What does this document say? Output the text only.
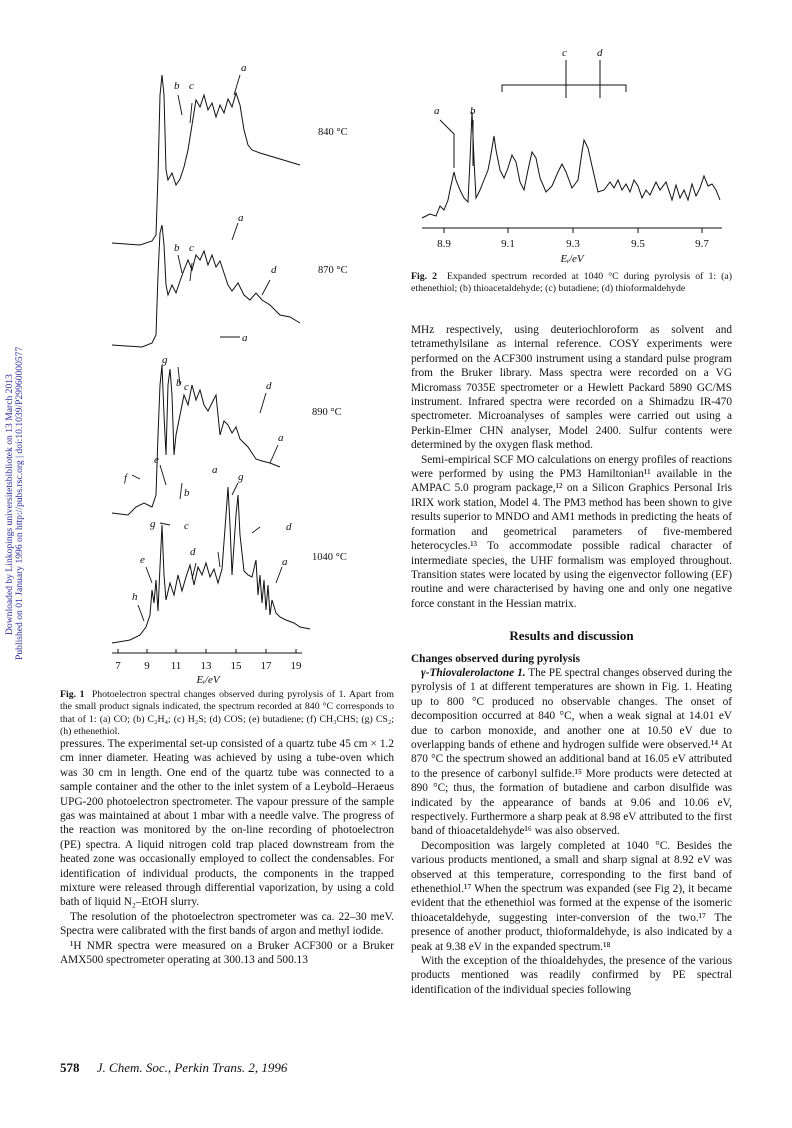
Downloaded by Linkopings universitetsbibliotek on 13 March 2013 Published on 01 January 1996 on http://pubs.rsc.org | doi:10.1039/P29960000577
b c
a
a
b c
d
g
a
b c	d
a
e
f
b
g
a
g	c	d
d
e	a
h
840 °C
870 °C
890 °C
1040 °C
7 9 11 13 15 17 19
Eᵢ/eV
Fig. 1 Photoelectron spectral changes observed during pyrolysis of 1. Apart from the small product signals indicated, the spectrum recorded at 840 °C corresponds to that of 1: (a) CO; (b) C₂H₄; (c) H₂S; (d) COS; (e) butadiene; (f) CH₃CHS; (g) CS₂; (h) ethenethiol.
c	d
a	b
8.9	9.1	9.3	9.5	9.7
Eᵢ/eV
Fig. 2 Expanded spectrum recorded at 1040 °C during pyrolysis of 1: (a) ethenethiol; (b) thioacetaldehyde; (c) butadiene; (d) thioformaldehyde

pressures. The experimental set-up consisted of a quartz tube 45 cm × 1.2 cm inner diameter. Heating was achieved by using a tube-oven which was 30 cm in length. One end of the quartz tube was connected to a sample container and the other to the inlet system of a Leybold–Heraeus UPG-200 photoelectron spectrometer. The vapour pressure of the sample gas was maintained at about 1 mbar with a needle valve. The progress of the reaction was monitored by the on-line recording of photoelectron (PE) spectra. A liquid nitrogen cold trap placed downstream from the heated zone was occasionally employed to collect the condensables. For identification of individual products, the components in the trapped mixture were released through differential vaporization, by using a cold bath of liquid N₂–EtOH slurry.

The resolution of the photoelectron spectrometer was ca. 22–30 meV. Spectra were calibrated with the first bands of argon and methyl iodide.

¹H NMR spectra were measured on a Bruker ACF300 or a Bruker AMX500 spectrometer operating at 300.13 and 500.13

MHz respectively, using deuteriochloroform as solvent and tetramethylsilane as internal reference. COSY experiments were performed on the ACF300 instrument using a standard pulse program from the Bruker library. Mass spectra were recorded on a VG Micromass 7035E spectrometer or a Hewlett Packard 5890 GC/MS instrument. Infrared spectra were recorded on a Shimadzu IR-470 spectrometer. Microanalyses of samples were carried out using a Perkin-Elmer CHN analyser, Model 2400. Sulfur contents were determined by the oxygen flask method.

Semi-empirical SCF MO calculations on energy profiles of reactions were performed by using the PM3 Hamiltonian¹¹ available in the AMPAC 5.0 program package,¹² on a Silicon Graphics Personal Iris IRIX work station, Model 4. The PM3 method has been shown to give results superior to MNDO and AM1 methods in predicting the heats of formation and geometrical parameters of five-membered heterocycles.¹³ To accommodate possible radical character of intermediate species, the UHF formalism was employed throughout. Transition states were located by using the eigenvector following (EF) routine and were characterised by having one and only one negative force constant in the Hessian matrix.

Results and discussion
Changes observed during pyrolysis

γ-Thiovalerolactone 1. The PE spectral changes observed during the pyrolysis of 1 at different temperatures are shown in Fig. 1. Heating up to 800 °C produced no observable changes. The onset of decomposition occurred at 840 °C, when a weak signal at 14.01 eV due to carbon monoxide, and another one at 10.50 eV due to overlapping bands of ethene and hydrogen sulfide were observed.¹⁴ At 870 °C the spectrum showed an additional band at 16.05 eV attributed to the presence of carbonyl sulfide.¹⁵ More products were detected at 890 °C; thus, the formation of butadiene and carbon disulfide was indicated by the appearance of bands at 9.06 and 10.06 eV, respectively. Furthermore a sharp peak at 8.98 eV attributed to the first band of thioacetaldehyde¹⁶ was also observed.

Decomposition was largely completed at 1040 °C. Besides the various products mentioned, a small and sharp signal at 8.92 eV was observed at this temperature, corresponding to the first band of ethenethiol.¹⁷ When the spectrum was expanded (see Fig 2), it became evident that the ethenethiol was formed at the expense of the isomeric thioacetaldehyde, suggesting inter-conversion of the two.¹⁷ The presence of another product, thioformaldehyde, is also indicated by a peak at 9.38 eV in the expanded spectrum.¹⁸

With the exception of the thioaldehydes, the presence of the various products mentioned was readily confirmed by PE spectral identification of the individual species following

578 J. Chem. Soc., Perkin Trans. 2, 1996
